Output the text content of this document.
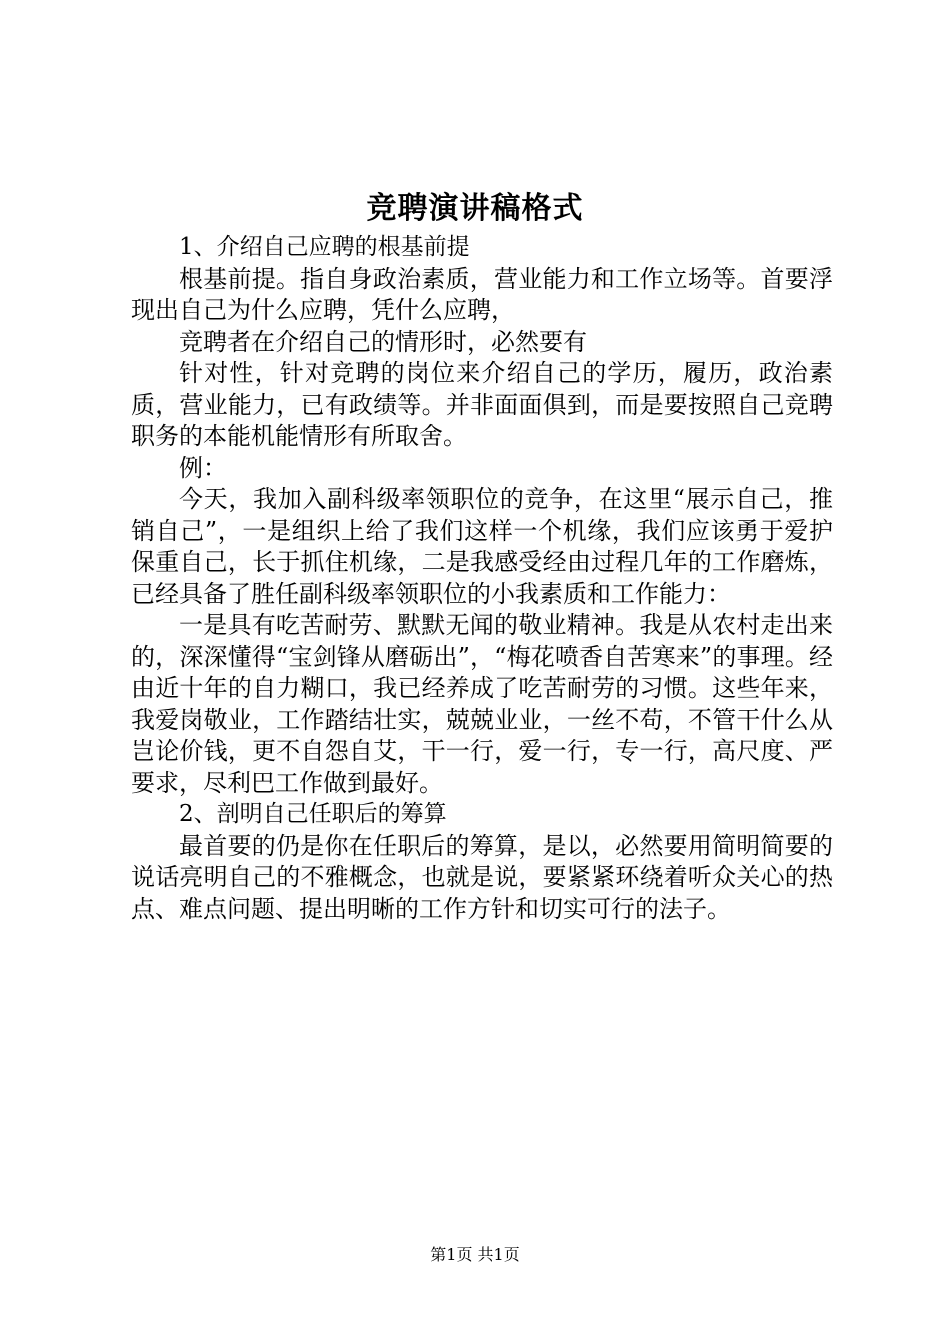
竞聘演讲稿格式

1、介绍自己应聘的根基前提

根基前提。指自身政治素质，营业能力和工作立场等。首要浮现出自己为什么应聘，凭什么应聘，

竞聘者在介绍自己的情形时，必然要有

针对性，针对竞聘的岗位来介绍自己的学历，履历，政治素质，营业能力，已有政绩等。并非面面俱到，而是要按照自己竞聘职务的本能机能情形有所取舍。

例：

今天，我加入副科级率领职位的竞争，在这里“展示自己，推销自己”，一是组织上给了我们这样一个机缘，我们应该勇于爱护保重自己，长于抓住机缘，二是我感受经由过程几年的工作磨炼，已经具备了胜任副科级率领职位的小我素质和工作能力：

一是具有吃苦耐劳、默默无闻的敬业精神。我是从农村走出来的，深深懂得“宝剑锋从磨砺出”，“梅花喷香自苦寒来”的事理。经由近十年的自力糊口，我已经养成了吃苦耐劳的习惯。这些年来，我爱岗敬业，工作踏结壮实，兢兢业业，一丝不苟，不管干什么从岂论价钱，更不自怨自艾，干一行，爱一行，专一行，高尺度、严要求，尽利巴工作做到最好。

2、剖明自己任职后的筹算

最首要的仍是你在任职后的筹算，是以，必然要用简明简要的说话亮明自己的不雅概念，也就是说，要紧紧环绕着听众关心的热点、难点问题、提出明晰的工作方针和切实可行的法子。

第1页 共1页
